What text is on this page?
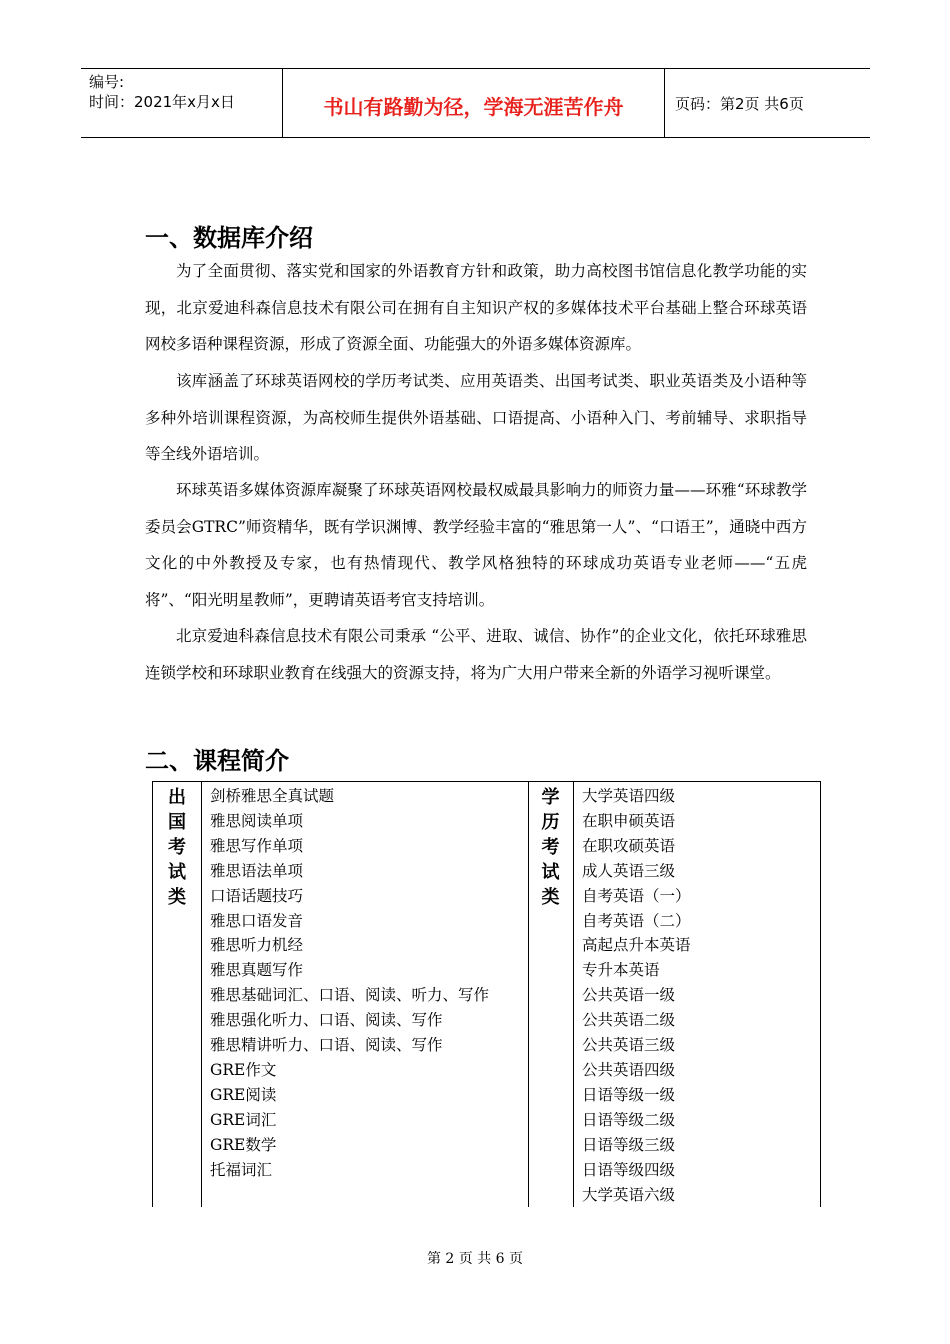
编号:
时间：2021年x月x日	书山有路勤为径，学海无涯苦作舟	页码：第2页 共6页
一、数据库介绍

为了全面贯彻、落实党和国家的外语教育方针和政策，助力高校图书馆信息化教学功能的实现，北京爱迪科森信息技术有限公司在拥有自主知识产权的多媒体技术平台基础上整合环球英语网校多语种课程资源，形成了资源全面、功能强大的外语多媒体资源库。

该库涵盖了环球英语网校的学历考试类、应用英语类、出国考试类、职业英语类及小语种等多种外培训课程资源，为高校师生提供外语基础、口语提高、小语种入门、考前辅导、求职指导等全线外语培训。

环球英语多媒体资源库凝聚了环球英语网校最权威最具影响力的师资力量——环雅“环球教学委员会GTRC”师资精华，既有学识渊博、教学经验丰富的“雅思第一人”、“口语王”，通晓中西方文化的中外教授及专家，也有热情现代、教学风格独特的环球成功英语专业老师——“五虎将”、“阳光明星教师”，更聘请英语考官支持培训。

北京爱迪科森信息技术有限公司秉承 “公平、进取、诚信、协作”的企业文化，依托环球雅思连锁学校和环球职业教育在线强大的资源支持，将为广大用户带来全新的外语学习视听课堂。

二、课程简介
出
国
考
试
类
剑桥雅思全真试题
雅思阅读单项
雅思写作单项
雅思语法单项
口语话题技巧
雅思口语发音
雅思听力机经
雅思真题写作
雅思基础词汇、口语、阅读、听力、写作
雅思强化听力、口语、阅读、写作
雅思精讲听力、口语、阅读、写作
GRE作文
GRE阅读
GRE词汇
GRE数学
托福词汇
学
历
考
试
类
大学英语四级
在职申硕英语
在职攻硕英语
成人英语三级
自考英语（一）
自考英语（二）
高起点升本英语
专升本英语
公共英语一级
公共英语二级
公共英语三级
公共英语四级
日语等级一级
日语等级二级
日语等级三级
日语等级四级
大学英语六级
第 2 页 共 6 页
